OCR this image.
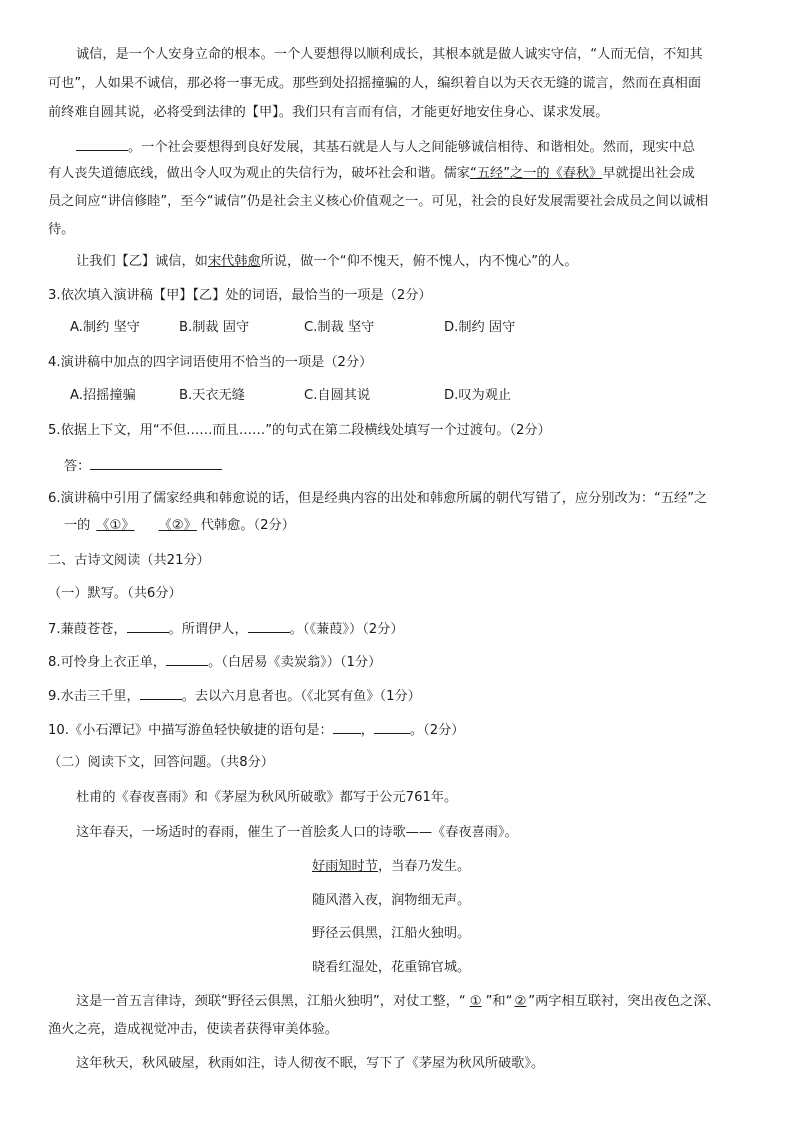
诚信，是一个人安身立命的根本。一个人要想得以顺利成长，其根本就是做人诚实守信，“人而无信，不知其
可也”，人如果不诚信，那必将一事无成。那些到处招摇撞骗的人，编织着自以为天衣无缝的谎言，然而在真相面
前终难自圆其说，必将受到法律的【甲】。我们只有言而有信，才能更好地安住身心、谋求发展。
。一个社会要想得到良好发展，其基石就是人与人之间能够诚信相待、和谐相处。然而，现实中总
有人丧失道德底线，做出令人叹为观止的失信行为，破坏社会和谐。儒家“五经”之一的《春秋》早就提出社会成
员之间应“讲信修睦”，至今“诚信”仍是社会主义核心价值观之一。可见，社会的良好发展需要社会成员之间以诚相
待。
让我们【乙】诚信，如宋代韩愈所说，做一个“仰不愧天，俯不愧人，内不愧心”的人。
3.依次填入演讲稿【甲】【乙】处的词语，最恰当的一项是（2分）
A.制约 坚守	B.制裁 固守	C.制裁 坚守	D.制约 固守
4.演讲稿中加点的四字词语使用不恰当的一项是（2分）
A.招摇撞骗	B.天衣无缝	C.自圆其说	D.叹为观止
5.依据上下文，用“不但……而且……”的句式在第二段横线处填写一个过渡句。（2分）
答：
6.演讲稿中引用了儒家经典和韩愈说的话，但是经典内容的出处和韩愈所属的朝代写错了，应分别改为：“五经”之
一的 《①》 《②》 代韩愈。（2分）
二、古诗文阅读（共21分）
（一）默写。（共6分）
7.蒹葭苍苍，	。所谓伊人，	。（《蒹葭》）（2分）
8.可怜身上衣正单，	。（白居易《卖炭翁》）（1分）
9.水击三千里，	。去以六月息者也。（《北冥有鱼》（1分）
10.《小石潭记》中描写游鱼轻快敏捷的语句是： ，	。（2分）
（二）阅读下文，回答问题。（共8分）
杜甫的《春夜喜雨》和《茅屋为秋风所破歌》都写于公元761年。
这年春天，一场适时的春雨，催生了一首脍炙人口的诗歌——《春夜喜雨》。
好雨知时节，当春乃发生。
随风潜入夜，润物细无声。
野径云俱黑，江船火独明。
晓看红湿处，花重锦官城。
这是一首五言律诗，颈联“野径云俱黑，江船火独明”，对仗工整，“ ① ”和“ ② ”两字相互联衬，突出夜色之深、
渔火之亮，造成视觉冲击，使读者获得审美体验。
这年秋天，秋风破屋，秋雨如注，诗人彻夜不眠，写下了《茅屋为秋风所破歌》。
